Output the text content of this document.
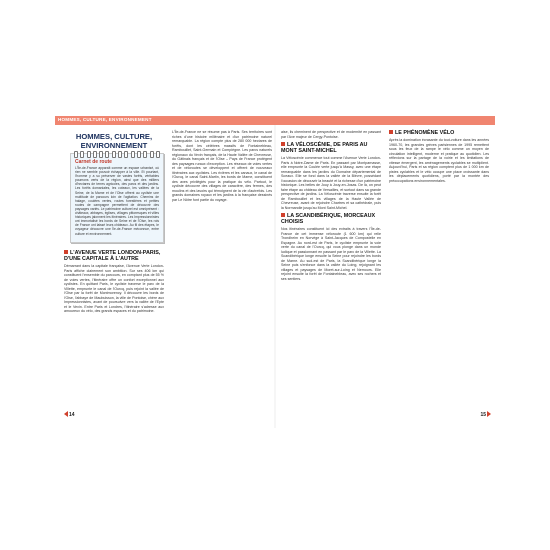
HOMMES, CULTURE, ENVIRONNEMENT
HOMMES, CULTURE, ENVIRONNEMENT
Carnet de route
L'Île-de-France apparaît comme un espace urbanisé, où rien ne semble pouvoir échapper à la ville. Et pourtant, l'homme y a su préserver de vastes forêts, véritables poumons verts de la région, ainsi que des milliers d'hectares de terres agricoles, des parcs et des jardins. Les forêts domaniales, les coteaux, les vallées de la Seine, de la Marne et de l'Oise offrent au cycliste une multitude de parcours loin de l'agitation. Chemins de halage, coulées vertes, routes forestières et petites routes de campagne permettent de découvrir des paysages variés. Le patrimoine culturel est omniprésent : châteaux, abbayes, églises, villages pittoresques et villes historiques jalonnent les itinéraires. Les Impressionnistes ont immortalisé les bords de Seine et de l'Oise, les rois de France ont laissé leurs châteaux. Au fil des étapes, le voyageur découvre une Île-de-France méconnue, entre culture et environnement.
L'AVENUE VERTE LONDON-PARIS, D'UNE CAPITALE À L'AUTRE

Démarrant dans la capitale française, l'Avenue Verte London-Paris affiche clairement son ambition. Sur ses 406 km qui constituent l'ensemble du parcours, en comptant plus de 55 % de voies vertes, l'itinéraire offre un confort exceptionnel aux cyclistes. En quittant Paris, le cycliste traverse le parc de la Villette, emprunte le canal de l'Ourcq, puis rejoint la vallée de l'Oise par la forêt de Montmorency. Il découvre les bords de l'Oise, l'abbaye de Maubuisson, la ville de Pontoise, chère aux Impressionnistes, avant de poursuivre vers la vallée de l'Epte et le Vexin. Entre Paris et Londres, l'itinéraire s'adresse aux amoureux du vélo, des grands espaces et du patrimoine.

L'Île-de-France ne se résume pas à Paris. Ses territoires sont riches d'une histoire millénaire et d'un patrimoine naturel remarquable. La région compte plus de 280 000 hectares de forêts, dont les célèbres massifs de Fontainebleau, Rambouillet, Saint-Germain et Compiègne. Les parcs naturels régionaux du Vexin français, de la Haute Vallée de Chevreuse, du Gâtinais français et de l'Oise – Pays de France protègent des paysages ruraux d'exception. Les réseaux de voies vertes et de véloroutes se développent et offrent de nouveaux itinéraires aux cyclistes. Les rivières et les canaux, le canal de l'Ourcq, le canal Saint-Martin, les bords de Marne, constituent des axes privilégiés pour la pratique du vélo. Partout, le cycliste découvre des villages de caractère, des fermes, des moulins et des lavoirs qui témoignent de la vie d'autrefois. Les grands domaines royaux et les jardins à la française dessinés par Le Nôtre font partie du voyage.

14

aise, ils cheminent de perspective et de modernité en passant par l'Axe majeur de Cergy-Pontoise.

LA VÉLOSCÉNIE, DE PARIS AU MONT SAINT-MICHEL

La Véloscénie commence tout comme l'Avenue Verte London-Paris à Notre-Dame de Paris. En passant par Montparnasse, elle emprunte la Coulée verte jusqu'à Massy, avec une étape remarquable dans les jardins du Domaine départemental de Sceaux. Elle se fond dans la vallée de la Bièvre, possédant l'occasion de découvrir la beauté et la richesse d'un patrimoine historique. Les belles de Jouy à Jouy-en-Josas. De là, on peut faire étape au château de Versailles, et surtout dans sa grande perspective de jardins. La Véloscénie traverse ensuite la forêt de Rambouillet et les villages de la Haute Vallée de Chevreuse, avant de rejoindre Chartres et sa cathédrale, puis la Normandie jusqu'au Mont Saint-Michel.

LA SCANDIBÉRIQUE, MORCEAUX CHOISIS

Nos itinéraires constituent ici des extraits à travers l'Île-de-France de cet immense véloroute (1 600 km) qui relie Trondheim en Norvège à Saint-Jacques de Compostelle en Espagne. Au nord-est de Paris, le cycliste emprunte la voie verte du canal de l'Ourcq, qui vous plonge dans un monde ludique et passionnant en passant par le parc de la Villette. La Scandibérique longe ensuite la Seine pour rejoindre les bords de Marne. Au sud-est de Paris, la Scandibérique longe la Seine puis s'enfonce dans la vallée du Loing, rejoignant les villages et paysages de Moret-sur-Loing et Nemours. Elle rejoint ensuite la forêt de Fontainebleau, avec ses rochers et ses sentiers.

LE PHÉNOMÈNE VÉLO

Après la domination écrasante du tout-voiture dans les années 1960-70, les grandes grèves parisiennes de 1995 remettent sous les feux de la rampe le vélo comme un moyen de circulation intelligent, moderne et pratique au quotidien. Les réflexions sur la partage de la voirie et les limitations de vitesse émergent, les aménagements cyclables se multiplient. Aujourd'hui, Paris et sa région comptent plus de 1 000 km de pistes cyclables et le vélo occupe une place croissante dans les déplacements quotidiens, porté par la montée des préoccupations environnementales.

15
